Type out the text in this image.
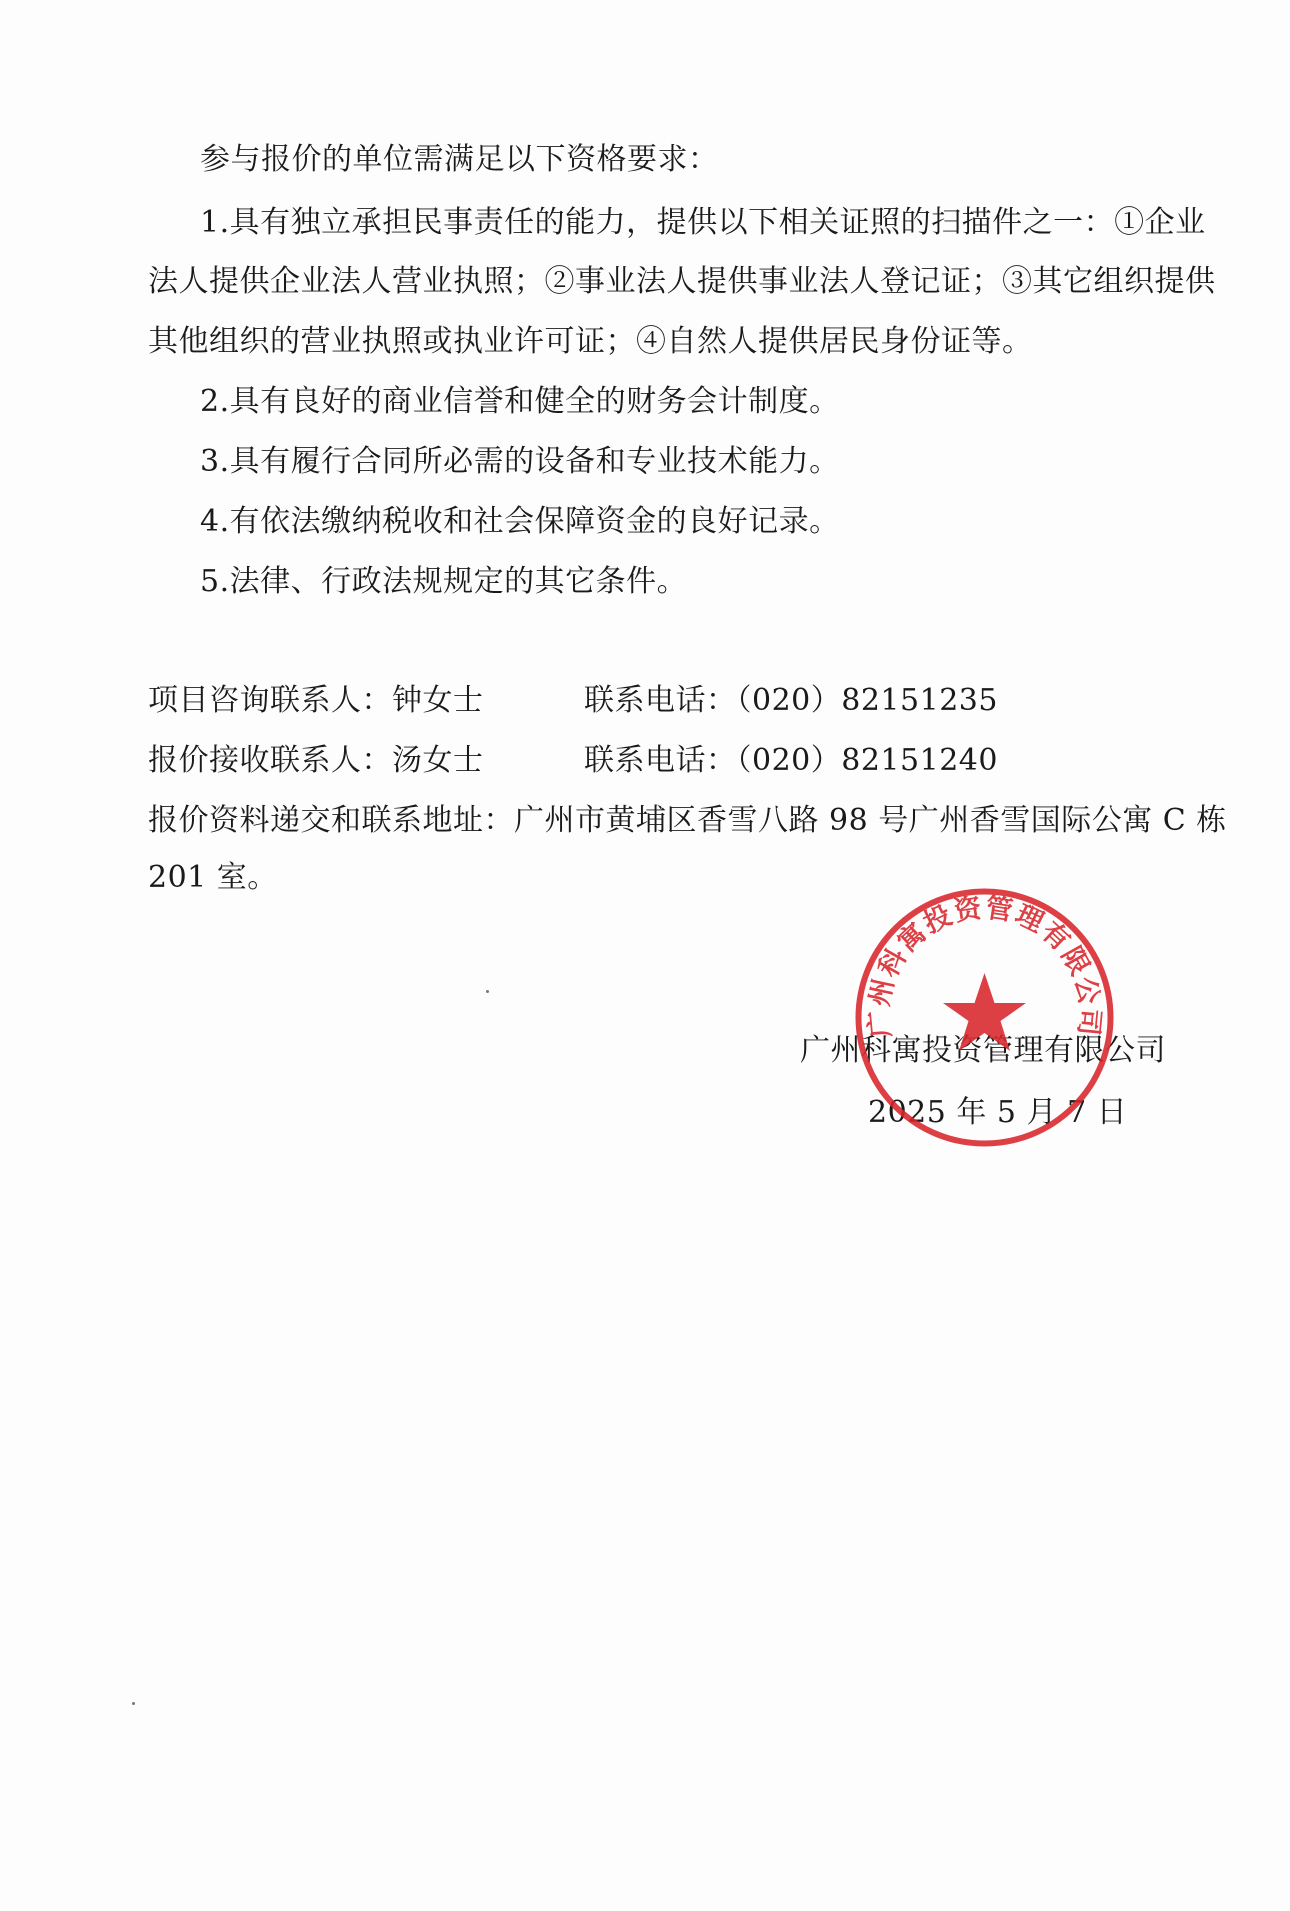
参与报价的单位需满足以下资格要求：
1.具有独立承担民事责任的能力，提供以下相关证照的扫描件之一：①企业
法人提供企业法人营业执照；②事业法人提供事业法人登记证；③其它组织提供
其他组织的营业执照或执业许可证；④自然人提供居民身份证等。
2.具有良好的商业信誉和健全的财务会计制度。
3.具有履行合同所必需的设备和专业技术能力。
4.有依法缴纳税收和社会保障资金的良好记录。
5.法律、行政法规规定的其它条件。
项目咨询联系人：钟女士	联系电话：（020）82151235
报价接收联系人：汤女士	联系电话：（020）82151240
报价资料递交和联系地址：广州市黄埔区香雪八路 98 号广州香雪国际公寓 C 栋
201 室。
广州科寓投资管理有限公司
2025 年 5 月 7 日
广州科寓投资管理有限公司
